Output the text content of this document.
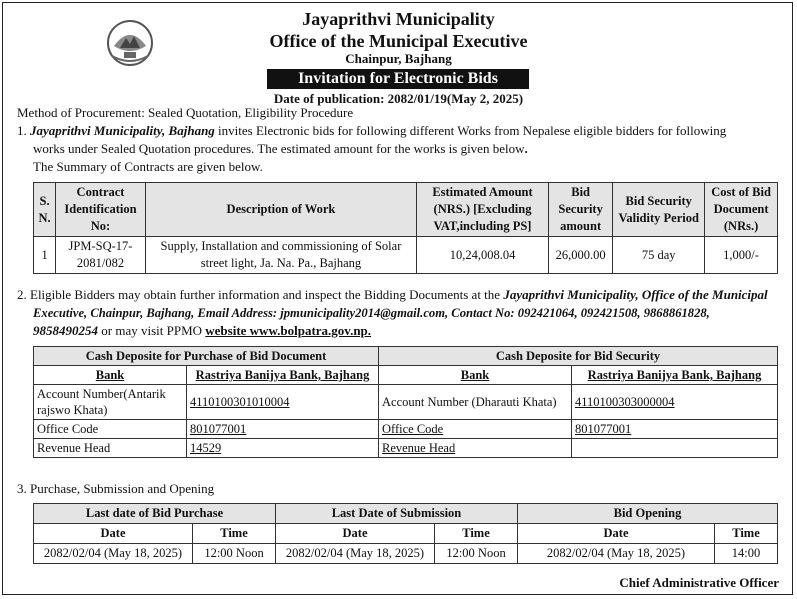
Jayaprithvi Municipality
Office of the Municipal Executive
Chainpur, Bajhang
Invitation for Electronic Bids
Date of publication: 2082/01/19(May 2, 2025)
Method of Procurement: Sealed Quotation, Eligibility Procedure
1. Jayaprithvi Municipality, Bajhang invites Electronic bids for following different Works from Nepalese eligible bidders for following
works under Sealed Quotation procedures. The estimated amount for the works is given below.
The Summary of Contracts are given below.
S. N.	Contract Identification No:	Description of Work	Estimated Amount (NRS.) [Excluding VAT,including PS]	Bid Security amount	Bid Security Validity Period	Cost of Bid Document (NRs.)
1	JPM-SQ-17-2081/082	Supply, Installation and commissioning of Solar street light, Ja. Na. Pa., Bajhang	10,24,008.04	26,000.00	75 day	1,000/-
2. Eligible Bidders may obtain further information and inspect the Bidding Documents at the Jayaprithvi Municipality, Office of the Municipal
Executive, Chainpur, Bajhang, Email Address: jpmunicipality2014@gmail.com, Contact No: 092421064, 092421508, 9868861828,
9858490254 or may visit PPMO website www.bolpatra.gov.np.
Cash Deposite for Purchase of Bid Document		Cash Deposite for Bid Security	
Bank	Rastriya Banijya Bank, Bajhang	Bank	Rastriya Banijya Bank, Bajhang
Account Number(Antarik rajswo Khata)	4110100301010004	Account Number (Dharauti Khata)	4110100303000004
Office Code	801077001	Office Code	801077001
Revenue Head	14529	Revenue Head	
3. Purchase, Submission and Opening
Last date of Bid Purchase		Last Date of Submission		Bid Opening	
Date	Time	Date	Time	Date	Time
2082/02/04 (May 18, 2025)	12:00 Noon	2082/02/04 (May 18, 2025)	12:00 Noon	2082/02/04 (May 18, 2025)	14:00
Chief Administrative Officer
